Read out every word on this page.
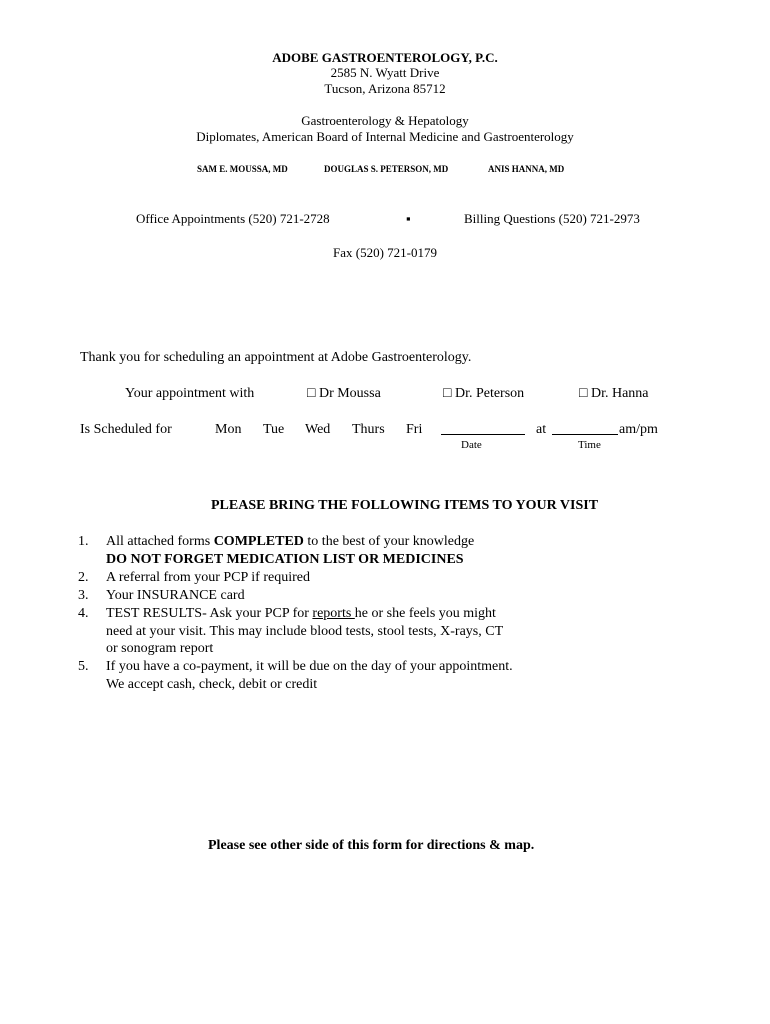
ADOBE GASTROENTEROLOGY, P.C.
2585 N. Wyatt Drive
Tucson, Arizona 85712
Gastroenterology & Hepatology
Diplomates, American Board of Internal Medicine and Gastroenterology
SAM E. MOUSSA, MD	DOUGLAS S. PETERSON, MD	ANIS HANNA, MD
Office Appointments (520) 721-2728	▪	Billing Questions (520) 721-2973
Fax (520) 721-0179
Thank you for scheduling an appointment at Adobe Gastroenterology.
Your appointment with	□ Dr Moussa	□ Dr. Peterson	□ Dr. Hanna
Is Scheduled for	Mon Tue Wed Thurs Fri	at	am/pm
Date	Time
PLEASE BRING THE FOLLOWING ITEMS TO YOUR VISIT
1. All attached forms COMPLETED to the best of your knowledge
DO NOT FORGET MEDICATION LIST OR MEDICINES
2. A referral from your PCP if required
3. Your INSURANCE card
4. TEST RESULTS- Ask your PCP for reports he or she feels you might
need at your visit. This may include blood tests, stool tests, X-rays, CT
or sonogram report
5. If you have a co-payment, it will be due on the day of your appointment.
We accept cash, check, debit or credit
Please see other side of this form for directions & map.
